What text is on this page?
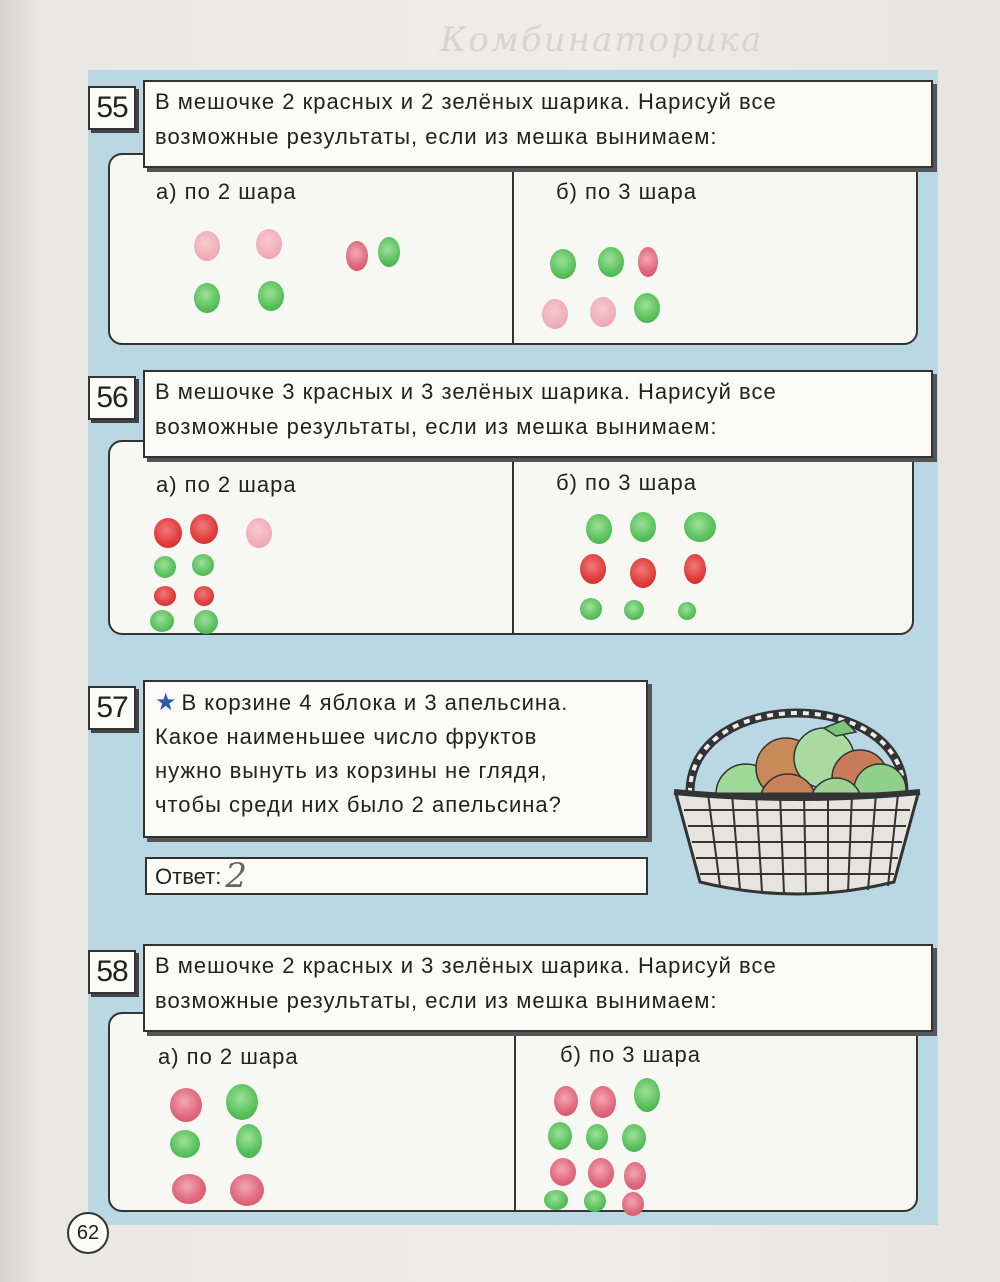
Комбинаторика
55
а) по 2 шара	б) по 3 шара
В мешочке 2 красных и 2 зелёных шарика. Нарисуй все
возможные результаты, если из мешка вынимаем:
56
а) по 2 шара	б) по 3 шара
В мешочке 3 красных и 3 зелёных шарика. Нарисуй все
возможные результаты, если из мешка вынимаем:
57	★ В корзине 4 яблока и 3 апельсина.
Какое наименьшее число фруктов
нужно вынуть из корзины не глядя,
чтобы среди них было 2 апельсина?
Ответ: 2
58
а) по 2 шара	б) по 3 шара
В мешочке 2 красных и 3 зелёных шарика. Нарисуй все
возможные результаты, если из мешка вынимаем:
62
